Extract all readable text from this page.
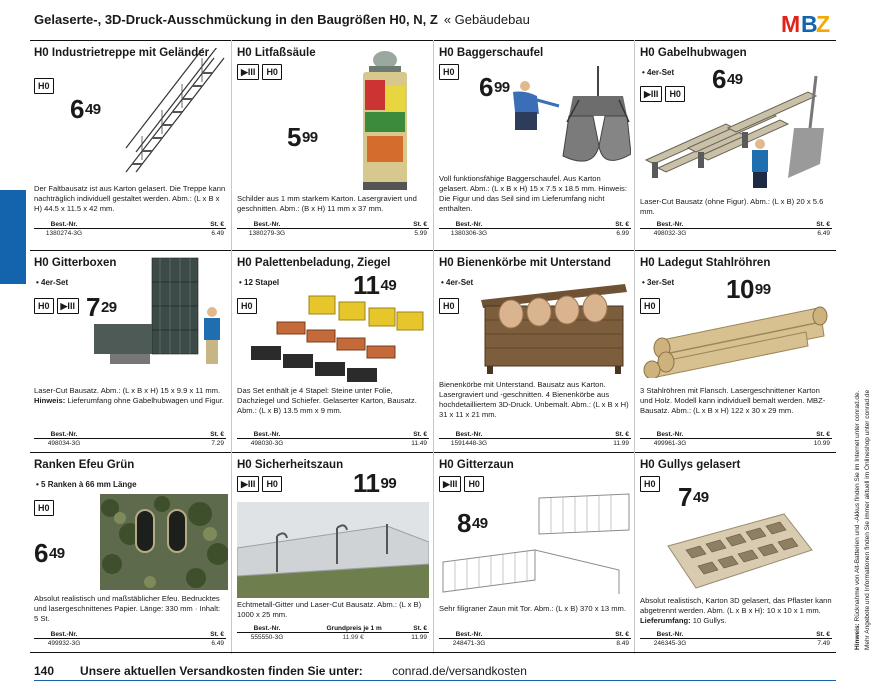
Gelaserte-, 3D-Druck-Ausschmückung in den Baugrößen H0, N, Z « Gebäudebau	M B
Z
H0 Industrietreppe mit Geländer
H0
$6^{49}$
Der Faltbausatz ist aus Karton gelasert. Die Treppe kann nachträglich individuell gestaltet werden. Abm.: (L x B x H) 44.5 x 11.5 x 42 mm.
Best.-Nr.	St. €
1380274-3G	6.49
H0 Litfaßsäule
▶III	H0
$5^{99}$
Schilder aus 1 mm starkem Karton. Lasergraviert und geschnitten. Abm.: (B x H) 11 mm x 37 mm.
Best.-Nr.	St. €
1380279-3G	5.99
H0 Baggerschaufel
H0 $6^{99}$
Voll funktionsfähige Baggerschaufel. Aus Karton gelasert. Abm.: (L x B x H) 15 x 7.5 x 18.5 mm. Hinweis: Die Figur und das Seil sind im Lieferumfang nicht enthalten.
Best.-Nr.	St. €
1380306-3G	6.99
H0 Gabelhubwagen
• 4er-Set
▶III	H0 $6^{49}$
Laser-Cut Bausatz (ohne Figur). Abm.: (L x B) 20 x 5.6 mm.
Best.-Nr.	St. €
498032-3G	6.49
H0 Gitterboxen
• 4er-Set
H0	▶III $7^{29}$
Laser-Cut Bausatz. Abm.: (L x B x H) 15 x 9.9 x 11 mm. Hinweis: Lieferumfang ohne Gabelhubwagen und Figur.
Best.-Nr.	St. €
498034-3G	7.29
H0 Palettenbeladung, Ziegel
• 12 Stapel
H0
$11^{49}$
Das Set enthält je 4 Stapel: Steine unter Folie, Dachziegel und Schiefer. Gelaserter Karton, Bausatz. Abm.: (L x B) 13.5 mm x 9 mm.
Best.-Nr.	St. €
498030-3G	11.49
H0 Bienenkörbe mit Unterstand
• 4er-Set
H0
Bienenkörbe mit Unterstand. Bausatz aus Karton. Lasergraviert und -geschnitten. 4 Bienenkörbe aus hochdetailliertem 3D-Druck. Unbemalt. Abm.: (L x B x H) 31 x 11 x 21 mm.
Best.-Nr.	St. €
1591448-3G	11.99
H0 Ladegut Stahlröhren
• 3er-Set
H0
$10^{99}$
3 Stahlröhren mit Flansch. Lasergeschnittener Karton und Holz. Modell kann individuell bemalt werden. MBZ-Bausatz. Abm.: (L x B x H) 122 x 30 x 29 mm.
Best.-Nr.	St. €
499961-3G	10.99
Ranken Efeu Grün
• 5 Ranken à 66 mm Länge
H0
$6^{49}$
Absolut realistisch und maßstäblicher Efeu. Bedrucktes und lasergeschnittenes Papier. Länge: 330 mm · Inhalt: 5 St.
Best.-Nr.	St. €
499932-3G	6.49
H0 Sicherheitszaun
▶III	H0	$11^{99}$
Echtmetall-Gitter und Laser-Cut Bausatz. Abm.: (L x B) 1000 x 25 mm.
Best.-Nr.	Grundpreis je 1 m	St. €
555550-3G	11.99 €	11.99
H0 Gitterzaun
▶III	H0
$8^{49}$
Sehr filigraner Zaun mit Tor. Abm.: (L x B) 370 x 13 mm.
Best.-Nr.	St. €
248471-3G	8.49
H0 Gullys gelasert
H0 $7^{49}$
Absolut realistisch, Karton 3D gelasert, das Pflaster kann abgetrennt werden. Abm. (L x B x H): 10 x 10 x 1 mm. Lieferumfang: 10 Gullys.
Best.-Nr.	St. €
246345-3G	7.49
140 Unsere aktuellen Versandkosten finden Sie unter: conrad.de/versandkosten
Hinweis: Rücknahme von Alt-Batterien und -Akkus finden Sie im Internet unter conrad.de. Mehr Angebote und Informationen finden Sie immer aktuell im Onlineshop unter conrad.de
